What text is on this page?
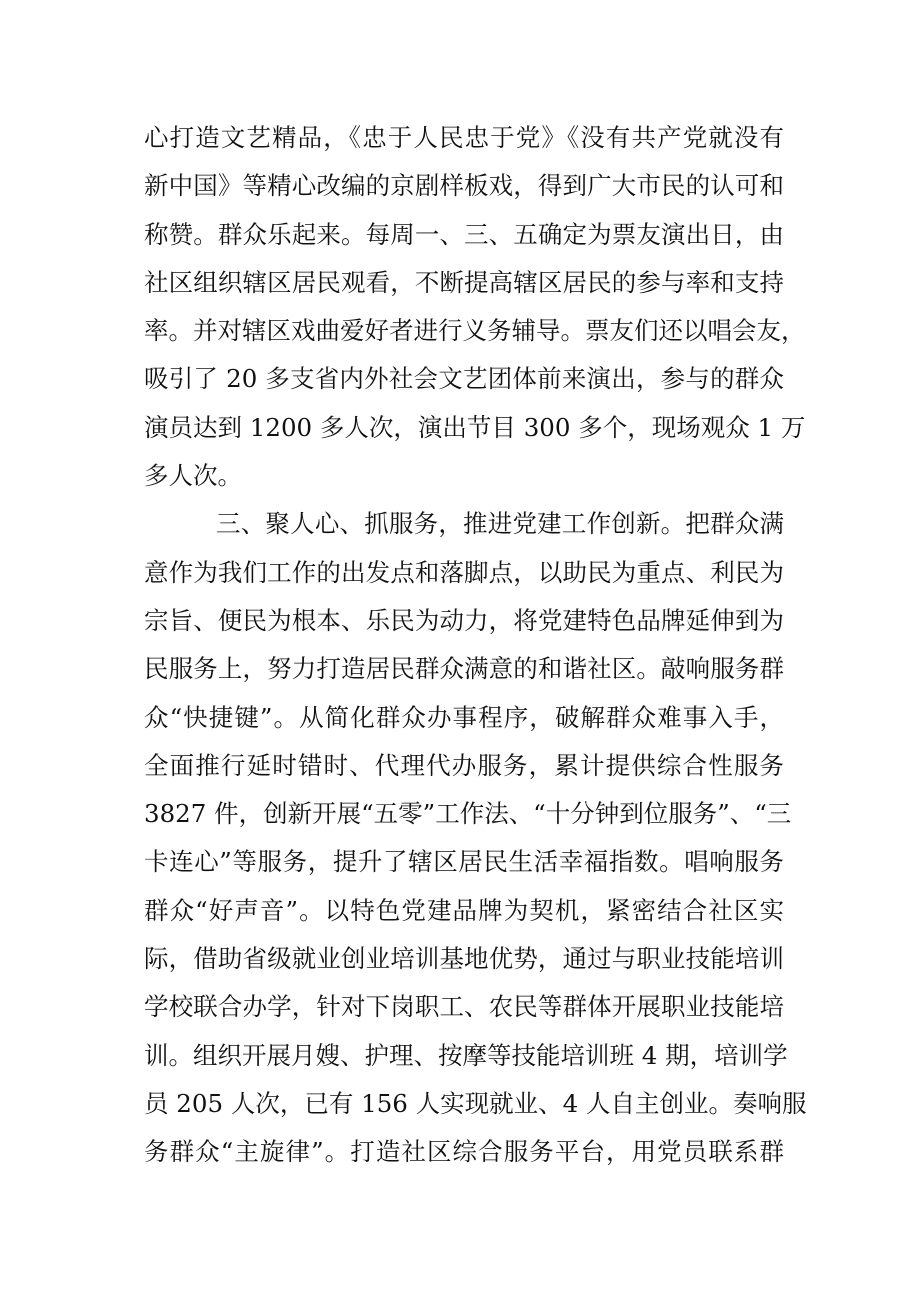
心打造文艺精品，《忠于人民忠于党》《没有共产党就没有
新中国》等精心改编的京剧样板戏，得到广大市民的认可和
称赞。群众乐起来。每周一、三、五确定为票友演出日，由
社区组织辖区居民观看，不断提高辖区居民的参与率和支持
率。并对辖区戏曲爱好者进行义务辅导。票友们还以唱会友，
吸引了 20 多支省内外社会文艺团体前来演出，参与的群众
演员达到 1200 多人次，演出节目 300 多个，现场观众 1 万
多人次。
三、聚人心、抓服务，推进党建工作创新。把群众满
意作为我们工作的出发点和落脚点，以助民为重点、利民为
宗旨、便民为根本、乐民为动力，将党建特色品牌延伸到为
民服务上，努力打造居民群众满意的和谐社区。敲响服务群
众“快捷键”。从简化群众办事程序，破解群众难事入手，
全面推行延时错时、代理代办服务，累计提供综合性服务
3827 件，创新开展“五零”工作法、“十分钟到位服务”、“三
卡连心”等服务，提升了辖区居民生活幸福指数。唱响服务
群众“好声音”。以特色党建品牌为契机，紧密结合社区实
际，借助省级就业创业培训基地优势，通过与职业技能培训
学校联合办学，针对下岗职工、农民等群体开展职业技能培
训。组织开展月嫂、护理、按摩等技能培训班 4 期，培训学
员 205 人次，已有 156 人实现就业、4 人自主创业。奏响服
务群众“主旋律”。打造社区综合服务平台，用党员联系群
